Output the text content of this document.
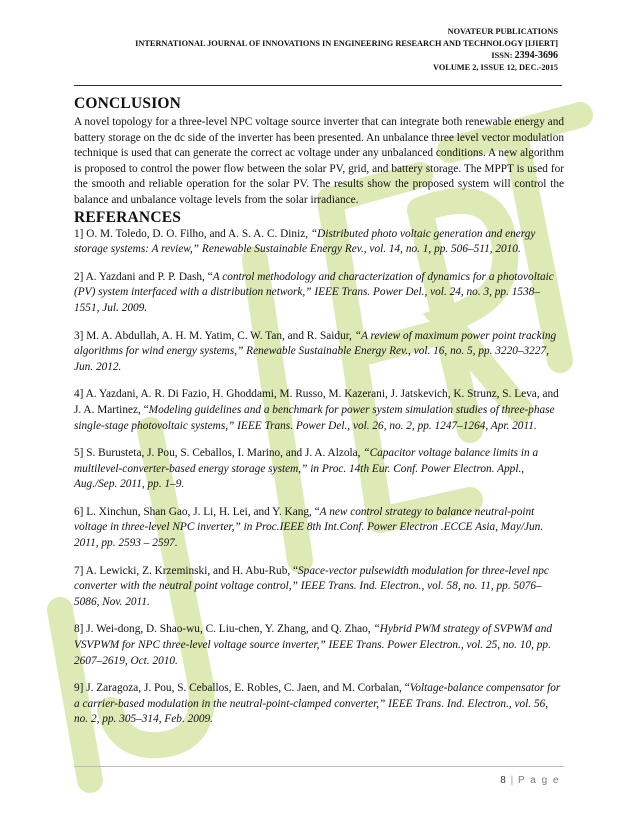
NOVATEUR PUBLICATIONS
INTERNATIONAL JOURNAL OF INNOVATIONS IN ENGINEERING RESEARCH AND TECHNOLOGY [IJIERT]
ISSN: 2394-3696
VOLUME 2, ISSUE 12, DEC.-2015
CONCLUSION

A novel topology for a three-level NPC voltage source inverter that can integrate both renewable energy and battery storage on the dc side of the inverter has been presented. An unbalance three level vector modulation technique is used that can generate the correct ac voltage under any unbalanced conditions. A new algorithm is proposed to control the power flow between the solar PV, grid, and battery storage. The MPPT is used for the smooth and reliable operation for the solar PV. The results show the proposed system will control the balance and unbalance voltage levels from the solar irradiance.

REFERANCES

1] O. M. Toledo, D. O. Filho, and A. S. A. C. Diniz, “Distributed photo voltaic generation and energy storage systems: A review,” Renewable Sustainable Energy Rev., vol. 14, no. 1, pp. 506–511, 2010.

2] A. Yazdani and P. P. Dash, “A control methodology and characterization of dynamics for a photovoltaic (PV) system interfaced with a distribution network,” IEEE Trans. Power Del., vol. 24, no. 3, pp. 1538–1551, Jul. 2009.

3] M. A. Abdullah, A. H. M. Yatim, C. W. Tan, and R. Saidur, “A review of maximum power point tracking algorithms for wind energy systems,” Renewable Sustainable Energy Rev., vol. 16, no. 5, pp. 3220–3227, Jun. 2012.

4] A. Yazdani, A. R. Di Fazio, H. Ghoddami, M. Russo, M. Kazerani, J. Jatskevich, K. Strunz, S. Leva, and J. A. Martinez, “Modeling guidelines and a benchmark for power system simulation studies of three-phase single-stage photovoltaic systems,” IEEE Trans. Power Del., vol. 26, no. 2, pp. 1247–1264, Apr. 2011.

5] S. Burusteta, J. Pou, S. Ceballos, I. Marino, and J. A. Alzola, “Capacitor voltage balance limits in a multilevel-converter-based energy storage system,” in Proc. 14th Eur. Conf. Power Electron. Appl., Aug./Sep. 2011, pp. 1–9.

6] L. Xinchun, Shan Gao, J. Li, H. Lei, and Y. Kang, “A new control strategy to balance neutral-point voltage in three-level NPC inverter,” in Proc.IEEE 8th Int.Conf. Power Electron .ECCE Asia, May/Jun. 2011, pp. 2593 – 2597.

7] A. Lewicki, Z. Krzeminski, and H. Abu-Rub, “Space-vector pulsewidth modulation for three-level npc converter with the neutral point voltage control,” IEEE Trans. Ind. Electron., vol. 58, no. 11, pp. 5076–5086, Nov. 2011.

8] J. Wei-dong, D. Shao-wu, C. Liu-chen, Y. Zhang, and Q. Zhao, “Hybrid PWM strategy of SVPWM and VSVPWM for NPC three-level voltage source inverter,” IEEE Trans. Power Electron., vol. 25, no. 10, pp. 2607–2619, Oct. 2010.

9] J. Zaragoza, J. Pou, S. Ceballos, E. Robles, C. Jaen, and M. Corbalan, “Voltage-balance compensator for a carrier-based modulation in the neutral-point-clamped converter,” IEEE Trans. Ind. Electron., vol. 56, no. 2, pp. 305–314, Feb. 2009.

8 | P a g e
